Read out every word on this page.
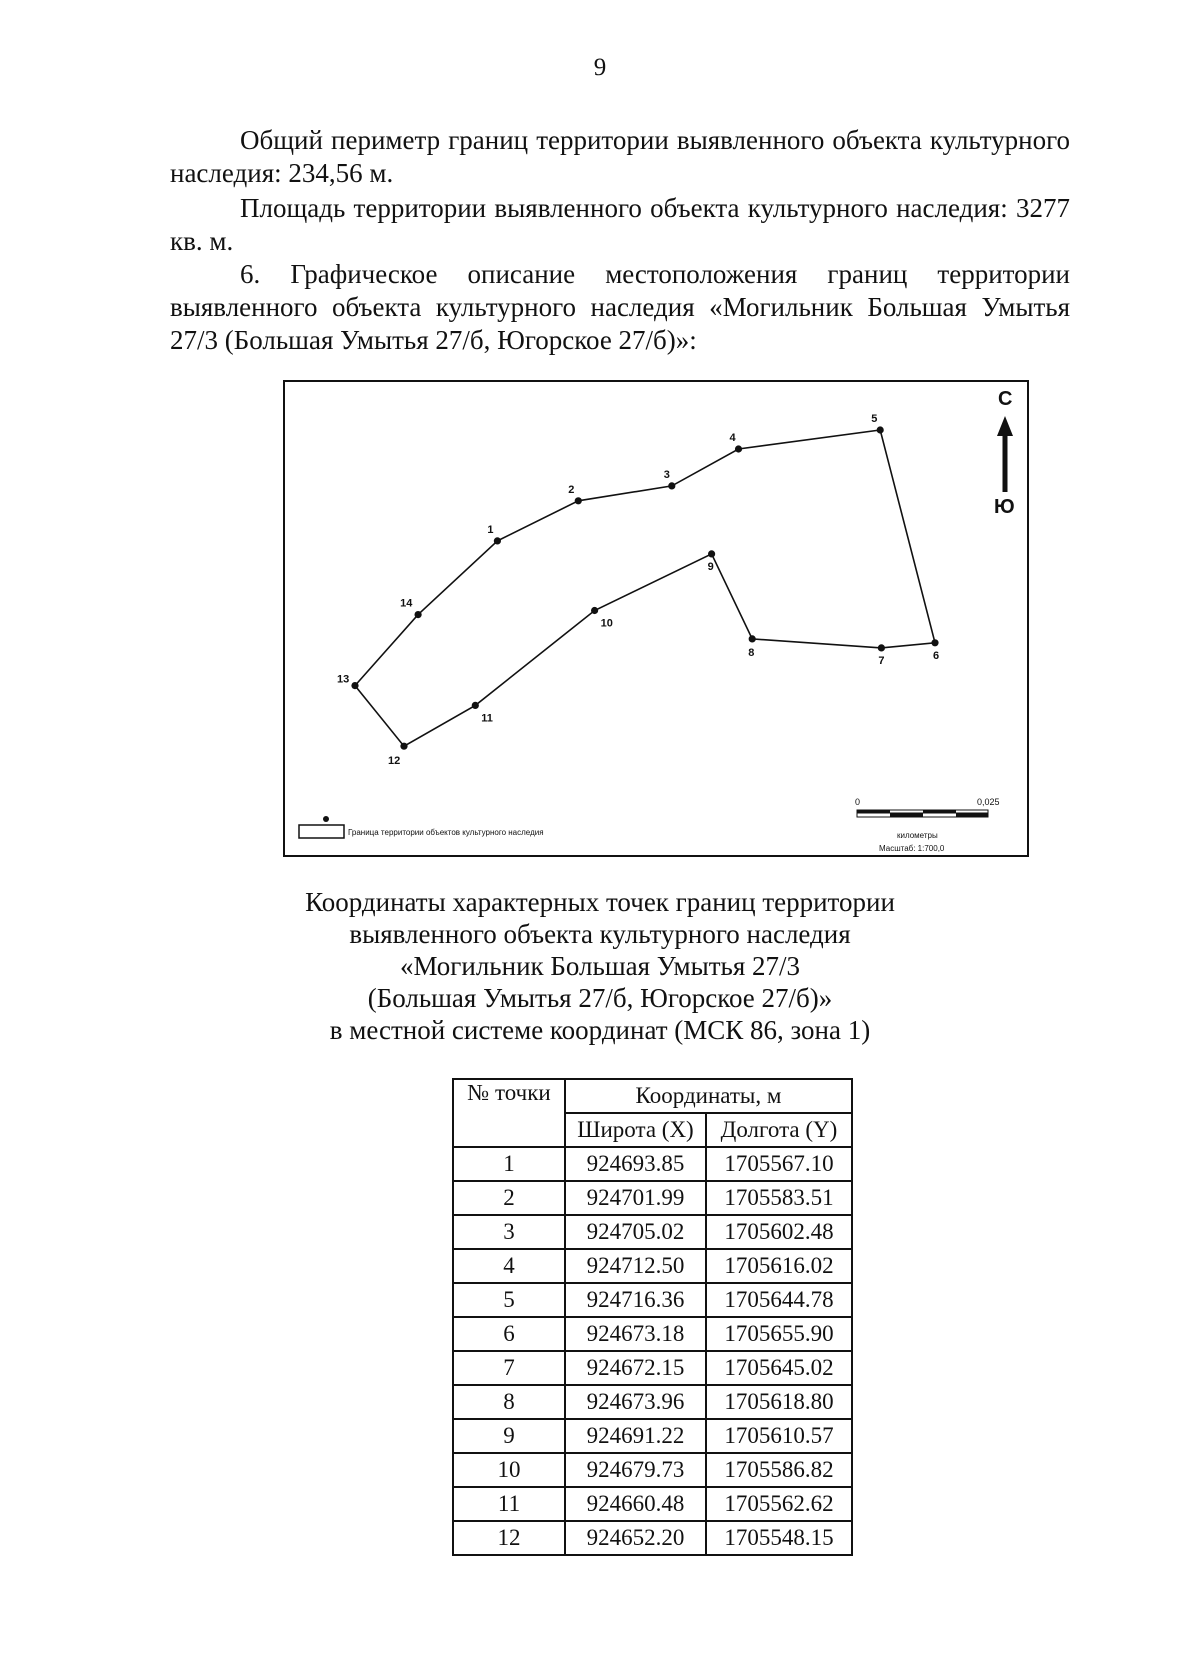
9

Общий периметр границ территории выявленного объекта культурного наследия: 234,56 м.

Площадь территории выявленного объекта культурного наследия: 3277 кв. м.

6. Графическое описание местоположения границ территории выявленного объекта культурного наследия «Могильник Большая Умытья 27/3 (Большая Умытья 27/б, Югорское 27/б)»:

1
2
3
4
5
6
7
8
9
10
11
12
13
14
С
Ю
Граница территории объектов культурного наследия
0	0,025
километры
Масштаб: 1:700,0
Координаты характерных точек границ территории
выявленного объекта культурного наследия
«Могильник Большая Умытья 27/3
(Большая Умытья 27/б, Югорское 27/б)»
в местной системе координат (МСК 86, зона 1)
№ точки	Координаты, м	
	Широта (X)	Долгота (Y)
1	924693.85	1705567.10
2	924701.99	1705583.51
3	924705.02	1705602.48
4	924712.50	1705616.02
5	924716.36	1705644.78
6	924673.18	1705655.90
7	924672.15	1705645.02
8	924673.96	1705618.80
9	924691.22	1705610.57
10	924679.73	1705586.82
11	924660.48	1705562.62
12	924652.20	1705548.15
